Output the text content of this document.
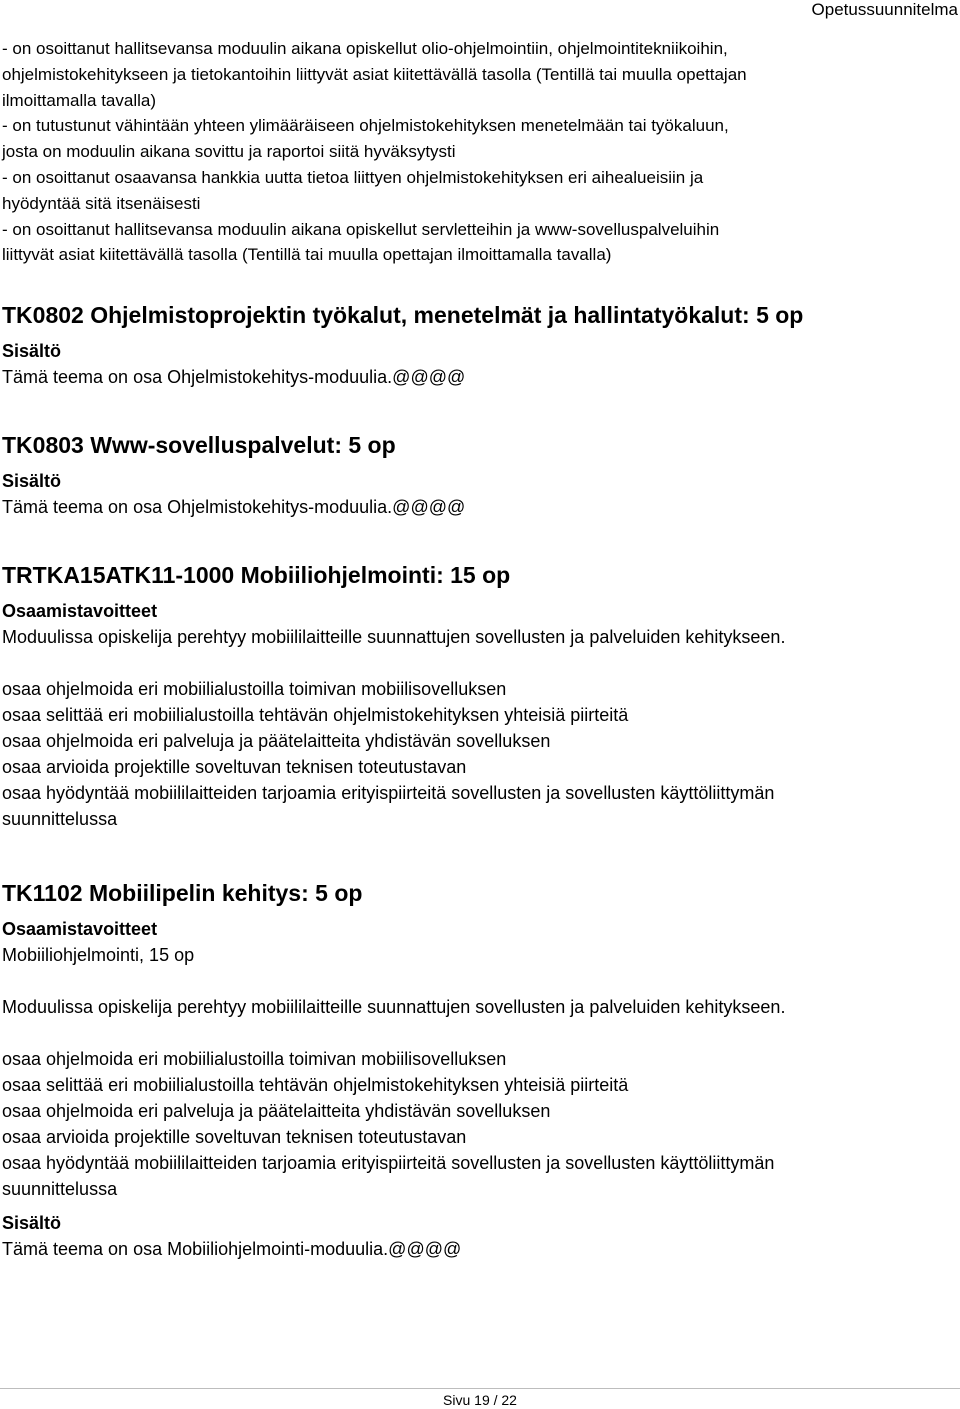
Opetussuunnitelma

- on osoittanut hallitsevansa moduulin aikana opiskellut olio-ohjelmointiin, ohjelmointitekniikoihin,

ohjelmistokehitykseen ja tietokantoihin liittyvät asiat kiitettävällä tasolla (Tentillä tai muulla opettajan

ilmoittamalla tavalla)

- on tutustunut vähintään yhteen ylimääräiseen ohjelmistokehityksen menetelmään tai työkaluun,

josta on moduulin aikana sovittu ja raportoi siitä hyväksytysti

- on osoittanut osaavansa hankkia uutta tietoa liittyen ohjelmistokehityksen eri aihealueisiin ja

hyödyntää sitä itsenäisesti

- on osoittanut hallitsevansa moduulin aikana opiskellut servletteihin ja www-sovelluspalveluihin

liittyvät asiat kiitettävällä tasolla (Tentillä tai muulla opettajan ilmoittamalla tavalla)

TK0802 Ohjelmistoprojektin työkalut, menetelmät ja hallintatyökalut: 5 op
Sisältö

Tämä teema on osa Ohjelmistokehitys-moduulia.@@@@

TK0803 Www-sovelluspalvelut: 5 op
Sisältö

Tämä teema on osa Ohjelmistokehitys-moduulia.@@@@

TRTKA15ATK11-1000 Mobiiliohjelmointi: 15 op
Osaamistavoitteet

Moduulissa opiskelija perehtyy mobiililaitteille suunnattujen sovellusten ja palveluiden kehitykseen.

osaa ohjelmoida eri mobiilialustoilla toimivan mobiilisovelluksen
osaa selittää eri mobiilialustoilla tehtävän ohjelmistokehityksen yhteisiä piirteitä
osaa ohjelmoida eri palveluja ja päätelaitteita yhdistävän sovelluksen
osaa arvioida projektille soveltuvan teknisen toteutustavan
osaa hyödyntää mobiililaitteiden tarjoamia erityispiirteitä sovellusten ja sovellusten käyttöliittymän
suunnittelussa
TK1102 Mobiilipelin kehitys: 5 op
Osaamistavoitteet

Mobiiliohjelmointi, 15 op

Moduulissa opiskelija perehtyy mobiililaitteille suunnattujen sovellusten ja palveluiden kehitykseen.

osaa ohjelmoida eri mobiilialustoilla toimivan mobiilisovelluksen
osaa selittää eri mobiilialustoilla tehtävän ohjelmistokehityksen yhteisiä piirteitä
osaa ohjelmoida eri palveluja ja päätelaitteita yhdistävän sovelluksen
osaa arvioida projektille soveltuvan teknisen toteutustavan
osaa hyödyntää mobiililaitteiden tarjoamia erityispiirteitä sovellusten ja sovellusten käyttöliittymän
suunnittelussa
Sisältö

Tämä teema on osa Mobiiliohjelmointi-moduulia.@@@@

Sivu 19 / 22
